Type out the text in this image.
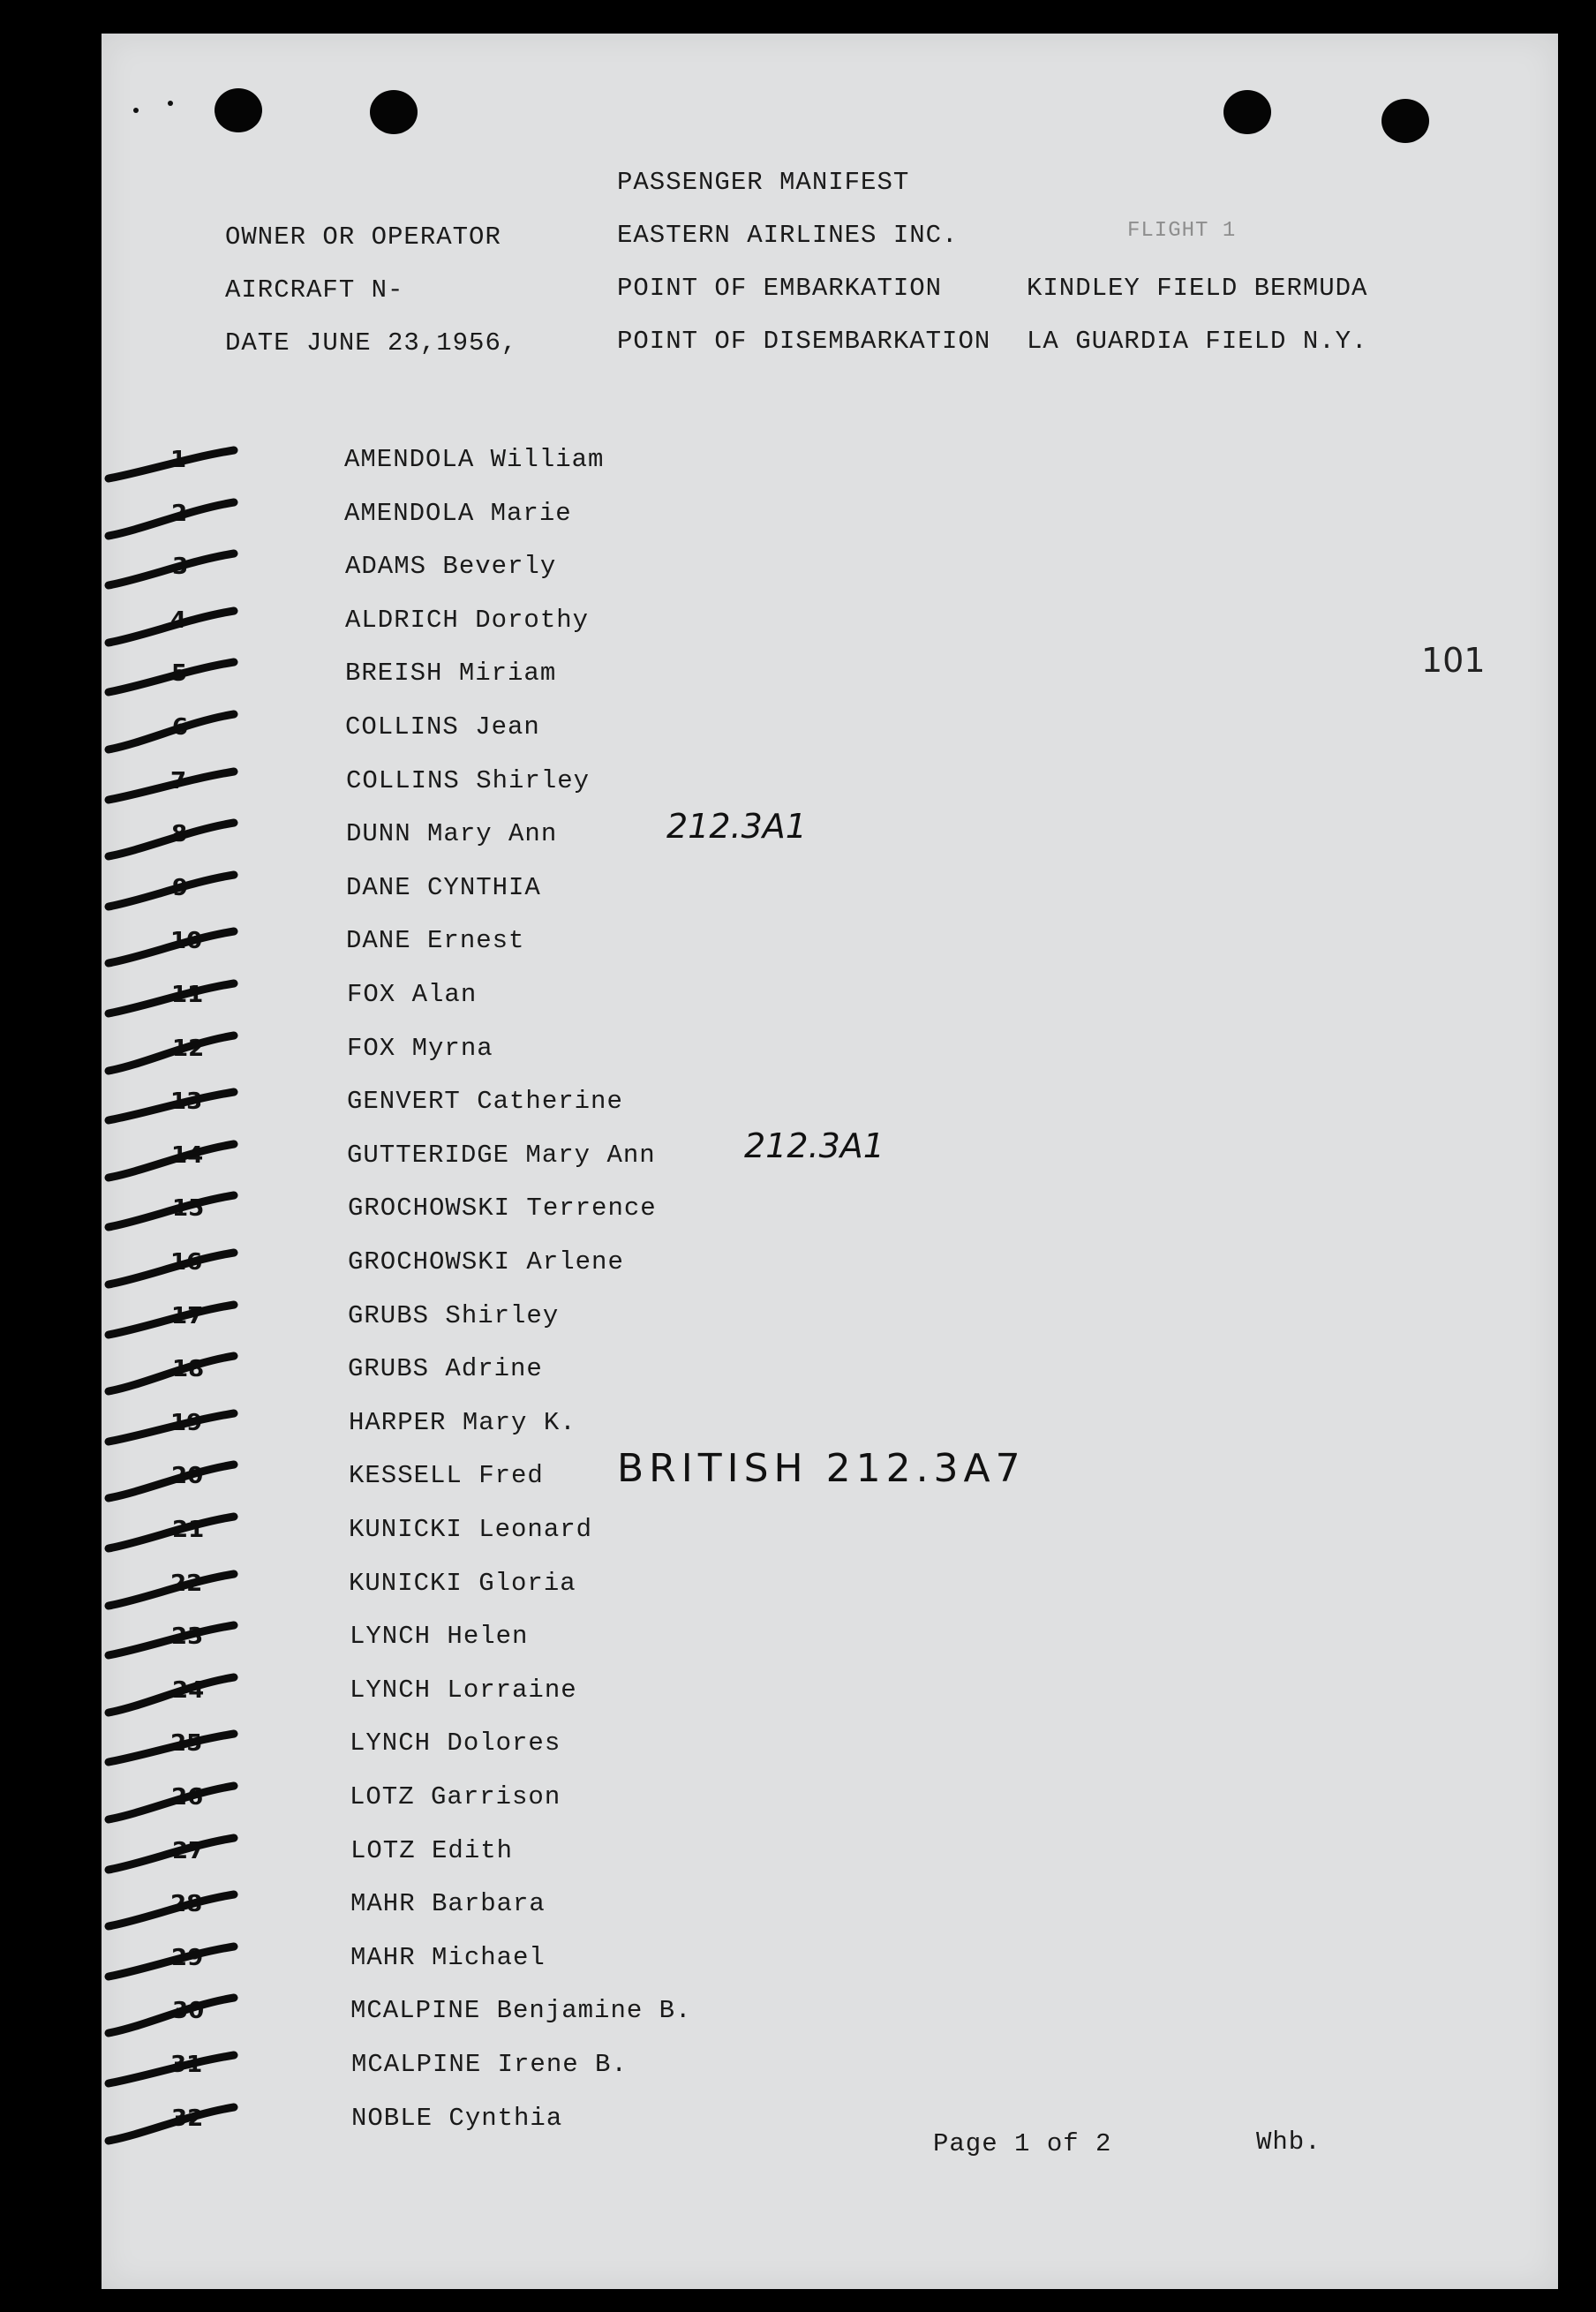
PASSENGER MANIFEST
OWNER OR OPERATOR	EASTERN AIRLINES INC.	FLIGHT 1
AIRCRAFT N-	POINT OF EMBARKATION	KINDLEY FIELD BERMUDA
DATE JUNE 23,1956,	POINT OF DISEMBARKATION LA GUARDIA FIELD N.Y.
101
1	AMENDOLA William
2	AMENDOLA Marie
3	ADAMS Beverly
4	ALDRICH Dorothy
5	BREISH Miriam
6	COLLINS Jean
7	COLLINS Shirley
8	DUNN Mary Ann
9	DANE CYNTHIA
10	DANE Ernest
11	FOX Alan
12	FOX Myrna
13	GENVERT Catherine
14	GUTTERIDGE Mary Ann
15	GROCHOWSKI Terrence
16	GROCHOWSKI Arlene
17	GRUBS Shirley
18	GRUBS Adrine
19	HARPER Mary K.
20	KESSELL Fred
21	KUNICKI Leonard
22	KUNICKI Gloria
23	LYNCH Helen
24	LYNCH Lorraine
25	LYNCH Dolores
26	LOTZ Garrison
27	LOTZ Edith
28	MAHR Barbara
29	MAHR Michael
30	MCALPINE Benjamine B.
31	MCALPINE Irene B.
32	NOBLE Cynthia
212.3A1
212.3A1
BRITISH 212.3A7
Page 1 of 2	Whb.
